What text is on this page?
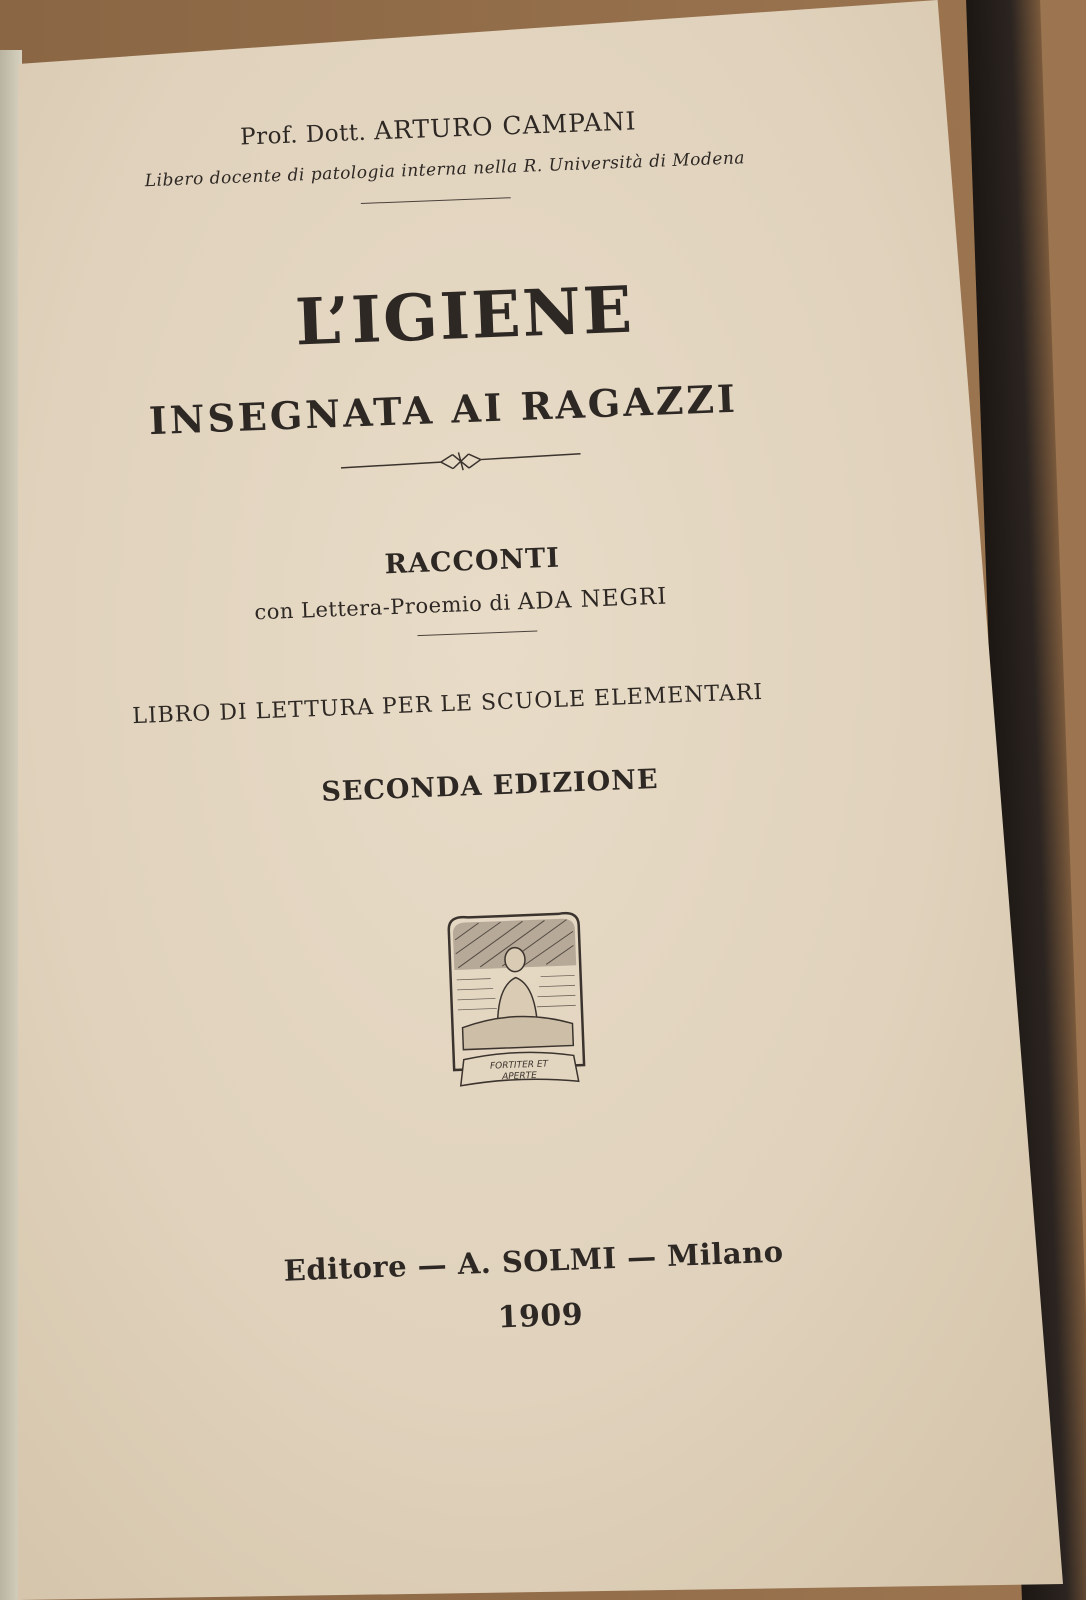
Prof. Dott. ARTURO CAMPANI
Libero docente di patologia interna nella R. Università di Modena
L’IGIENE
INSEGNATA AI RAGAZZI
RACCONTI
con Lettera-Proemio di ADA NEGRI
LIBRO DI LETTURA PER LE SCUOLE ELEMENTARI
SECONDA EDIZIONE
FORTITER ET
APERTE
Editore — A. SOLMI — Milano
1909
